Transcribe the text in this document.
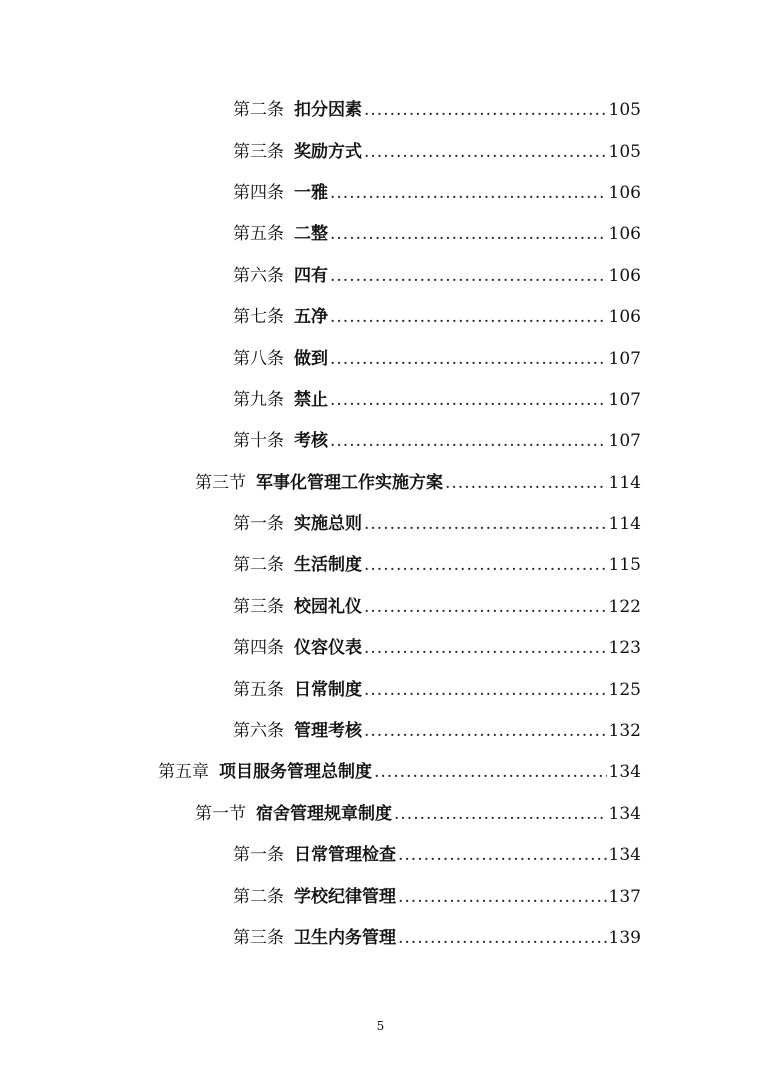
第二条 扣分因素 .....	105
第三条 奖励方式 .....	105
第四条 一雅 .....	106
第五条 二整 .....	106
第六条 四有 .....	106
第七条 五净 .....	106
第八条 做到 .....	107
第九条 禁止 .....	107
第十条 考核 .....	107
第三节 军事化管理工作实施方案 .....	114
第一条 实施总则 .....	114
第二条 生活制度 .....	115
第三条 校园礼仪 .....	122
第四条 仪容仪表 .....	123
第五条 日常制度 .....	125
第六条 管理考核 .....	132
第五章 项目服务管理总制度 .....	134
第一节 宿舍管理规章制度 .....	134
第一条 日常管理检查 .....	134
第二条 学校纪律管理 .....	137
第三条 卫生内务管理 .....	139
5
